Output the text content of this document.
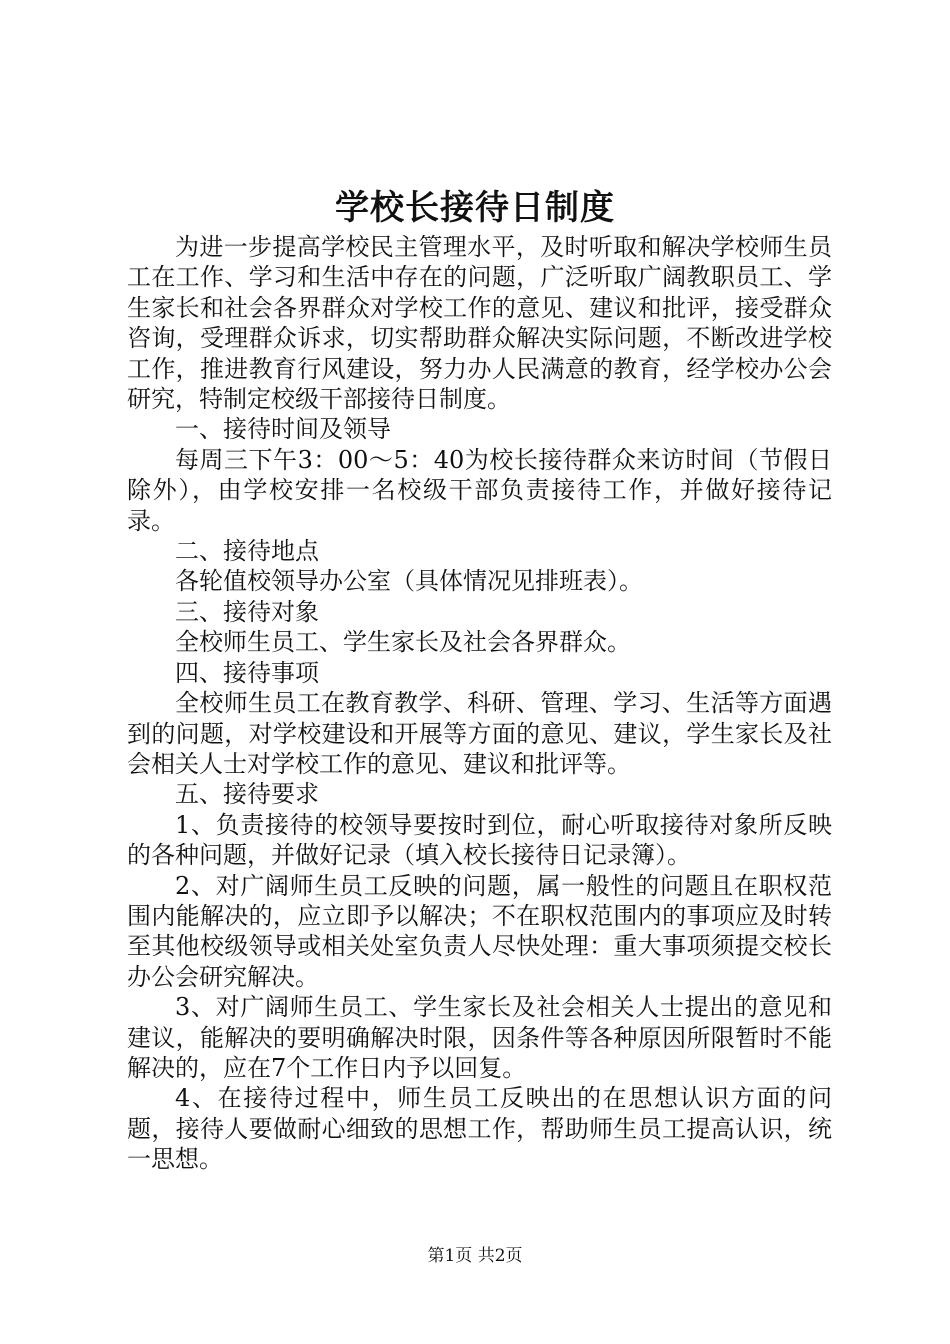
学校长接待日制度

为进一步提高学校民主管理水平，及时听取和解决学校师生员工在工作、学习和生活中存在的问题，广泛听取广阔教职员工、学生家长和社会各界群众对学校工作的意见、建议和批评，接受群众咨询，受理群众诉求，切实帮助群众解决实际问题，不断改进学校工作，推进教育行风建设，努力办人民满意的教育，经学校办公会研究，特制定校级干部接待日制度。

一、接待时间及领导

每周三下午3：00～5：40为校长接待群众来访时间（节假日除外），由学校安排一名校级干部负责接待工作，并做好接待记录。

二、接待地点

各轮值校领导办公室（具体情况见排班表）。

三、接待对象

全校师生员工、学生家长及社会各界群众。

四、接待事项

全校师生员工在教育教学、科研、管理、学习、生活等方面遇到的问题，对学校建设和开展等方面的意见、建议，学生家长及社会相关人士对学校工作的意见、建议和批评等。

五、接待要求

1、负责接待的校领导要按时到位，耐心听取接待对象所反映的各种问题，并做好记录（填入校长接待日记录簿）。

2、对广阔师生员工反映的问题，属一般性的问题且在职权范围内能解决的，应立即予以解决；不在职权范围内的事项应及时转至其他校级领导或相关处室负责人尽快处理：重大事项须提交校长办公会研究解决。

3、对广阔师生员工、学生家长及社会相关人士提出的意见和建议，能解决的要明确解决时限，因条件等各种原因所限暂时不能解决的，应在7个工作日内予以回复。

4、在接待过程中，师生员工反映出的在思想认识方面的问题，接待人要做耐心细致的思想工作，帮助师生员工提高认识，统一思想。

第1页 共2页
